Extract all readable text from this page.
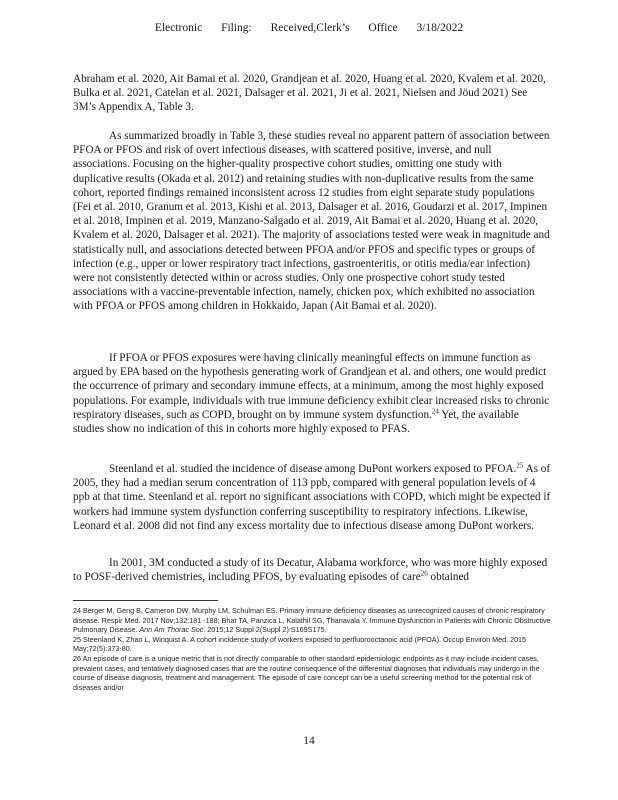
Electronic Filing: Received,Clerk’s Office 3/18/2022
Abraham et al. 2020, Ait Bamai et al. 2020, Grandjean et al. 2020, Huang et al. 2020, Kvalem et al. 2020, Bulka et al. 2021, Catelan et al. 2021, Dalsager et al. 2021, Ji et al. 2021, Nielsen and Jöud 2021) See 3M’s Appendix A, Table 3.
As summarized broadly in Table 3, these studies reveal no apparent pattern of association between PFOA or PFOS and risk of overt infectious diseases, with scattered positive, inverse, and null associations. Focusing on the higher-quality prospective cohort studies, omitting one study with duplicative results (Okada et al. 2012) and retaining studies with non-duplicative results from the same cohort, reported findings remained inconsistent across 12 studies from eight separate study populations (Fei et al. 2010, Granum et al. 2013, Kishi et al. 2013, Dalsager et al. 2016, Goudarzi et al. 2017, Impinen et al. 2018, Impinen et al. 2019, Manzano-Salgado et al. 2019, Ait Bamai et al. 2020, Huang et al. 2020, Kvalem et al. 2020, Dalsager et al. 2021). The majority of associations tested were weak in magnitude and statistically null, and associations detected between PFOA and/or PFOS and specific types or groups of infection (e.g., upper or lower respiratory tract infections, gastroenteritis, or otitis media/ear infection) were not consistently detected within or across studies. Only one prospective cohort study tested associations with a vaccine-preventable infection, namely, chicken pox, which exhibited no association with PFOA or PFOS among children in Hokkaido, Japan (Ait Bamai et al. 2020).
If PFOA or PFOS exposures were having clinically meaningful effects on immune function as argued by EPA based on the hypothesis generating work of Grandjean et al. and others, one would predict the occurrence of primary and secondary immune effects, at a minimum, among the most highly exposed populations. For example, individuals with true immune deficiency exhibit clear increased risks to chronic respiratory diseases, such as COPD, brought on by immune system dysfunction.$^{24}$ Yet, the available studies show no indication of this in cohorts more highly exposed to PFAS.
Steenland et al. studied the incidence of disease among DuPont workers exposed to PFOA.$^{25}$ As of 2005, they had a median serum concentration of 113 ppb, compared with general population levels of 4 ppb at that time. Steenland et al. report no significant associations with COPD, which might be expected if workers had immune system dysfunction conferring susceptibility to respiratory infections. Likewise, Leonard et al. 2008 did not find any excess mortality due to infectious disease among DuPont workers.
In 2001, 3M conducted a study of its Decatur, Alabama workforce, who was more highly exposed to POSF-derived chemistries, including PFOS, by evaluating episodes of care$^{26}$ obtained

24 Berger M, Geng B, Cameron DW, Murphy LM, Schulman ES. Primary immune deficiency diseases as unrecognized causes of chronic respiratory disease. Respir Med. 2017 Nov;132:181 -188; Bhat TA, Panzica L, Kalathil SG, Thanavala Y. Immune Dysfunction in Patients with Chronic Obstructive Pulmonary Disease. Ann Am Thorac Soc. 2015;12 Suppl 2(Suppl 2):S169S175.

25 Steenland K, Zhao L, Winquist A. A cohort incidence study of workers exposed to perfluorooctanoic acid (PFOA). Occup Environ Med. 2015 May;72(5):373-80.

26 An episode of care is a unique metric that is not directly comparable to other standard epidemiologic endpoints as it may include incident cases, prevalent cases, and tentatively diagnosed cases that are the routine consequence of the differential diagnoses that individuals may undergo in the course of disease diagnosis, treatment and management. The episode of care concept can be a useful screening method for the potential risk of diseases and/or

14
